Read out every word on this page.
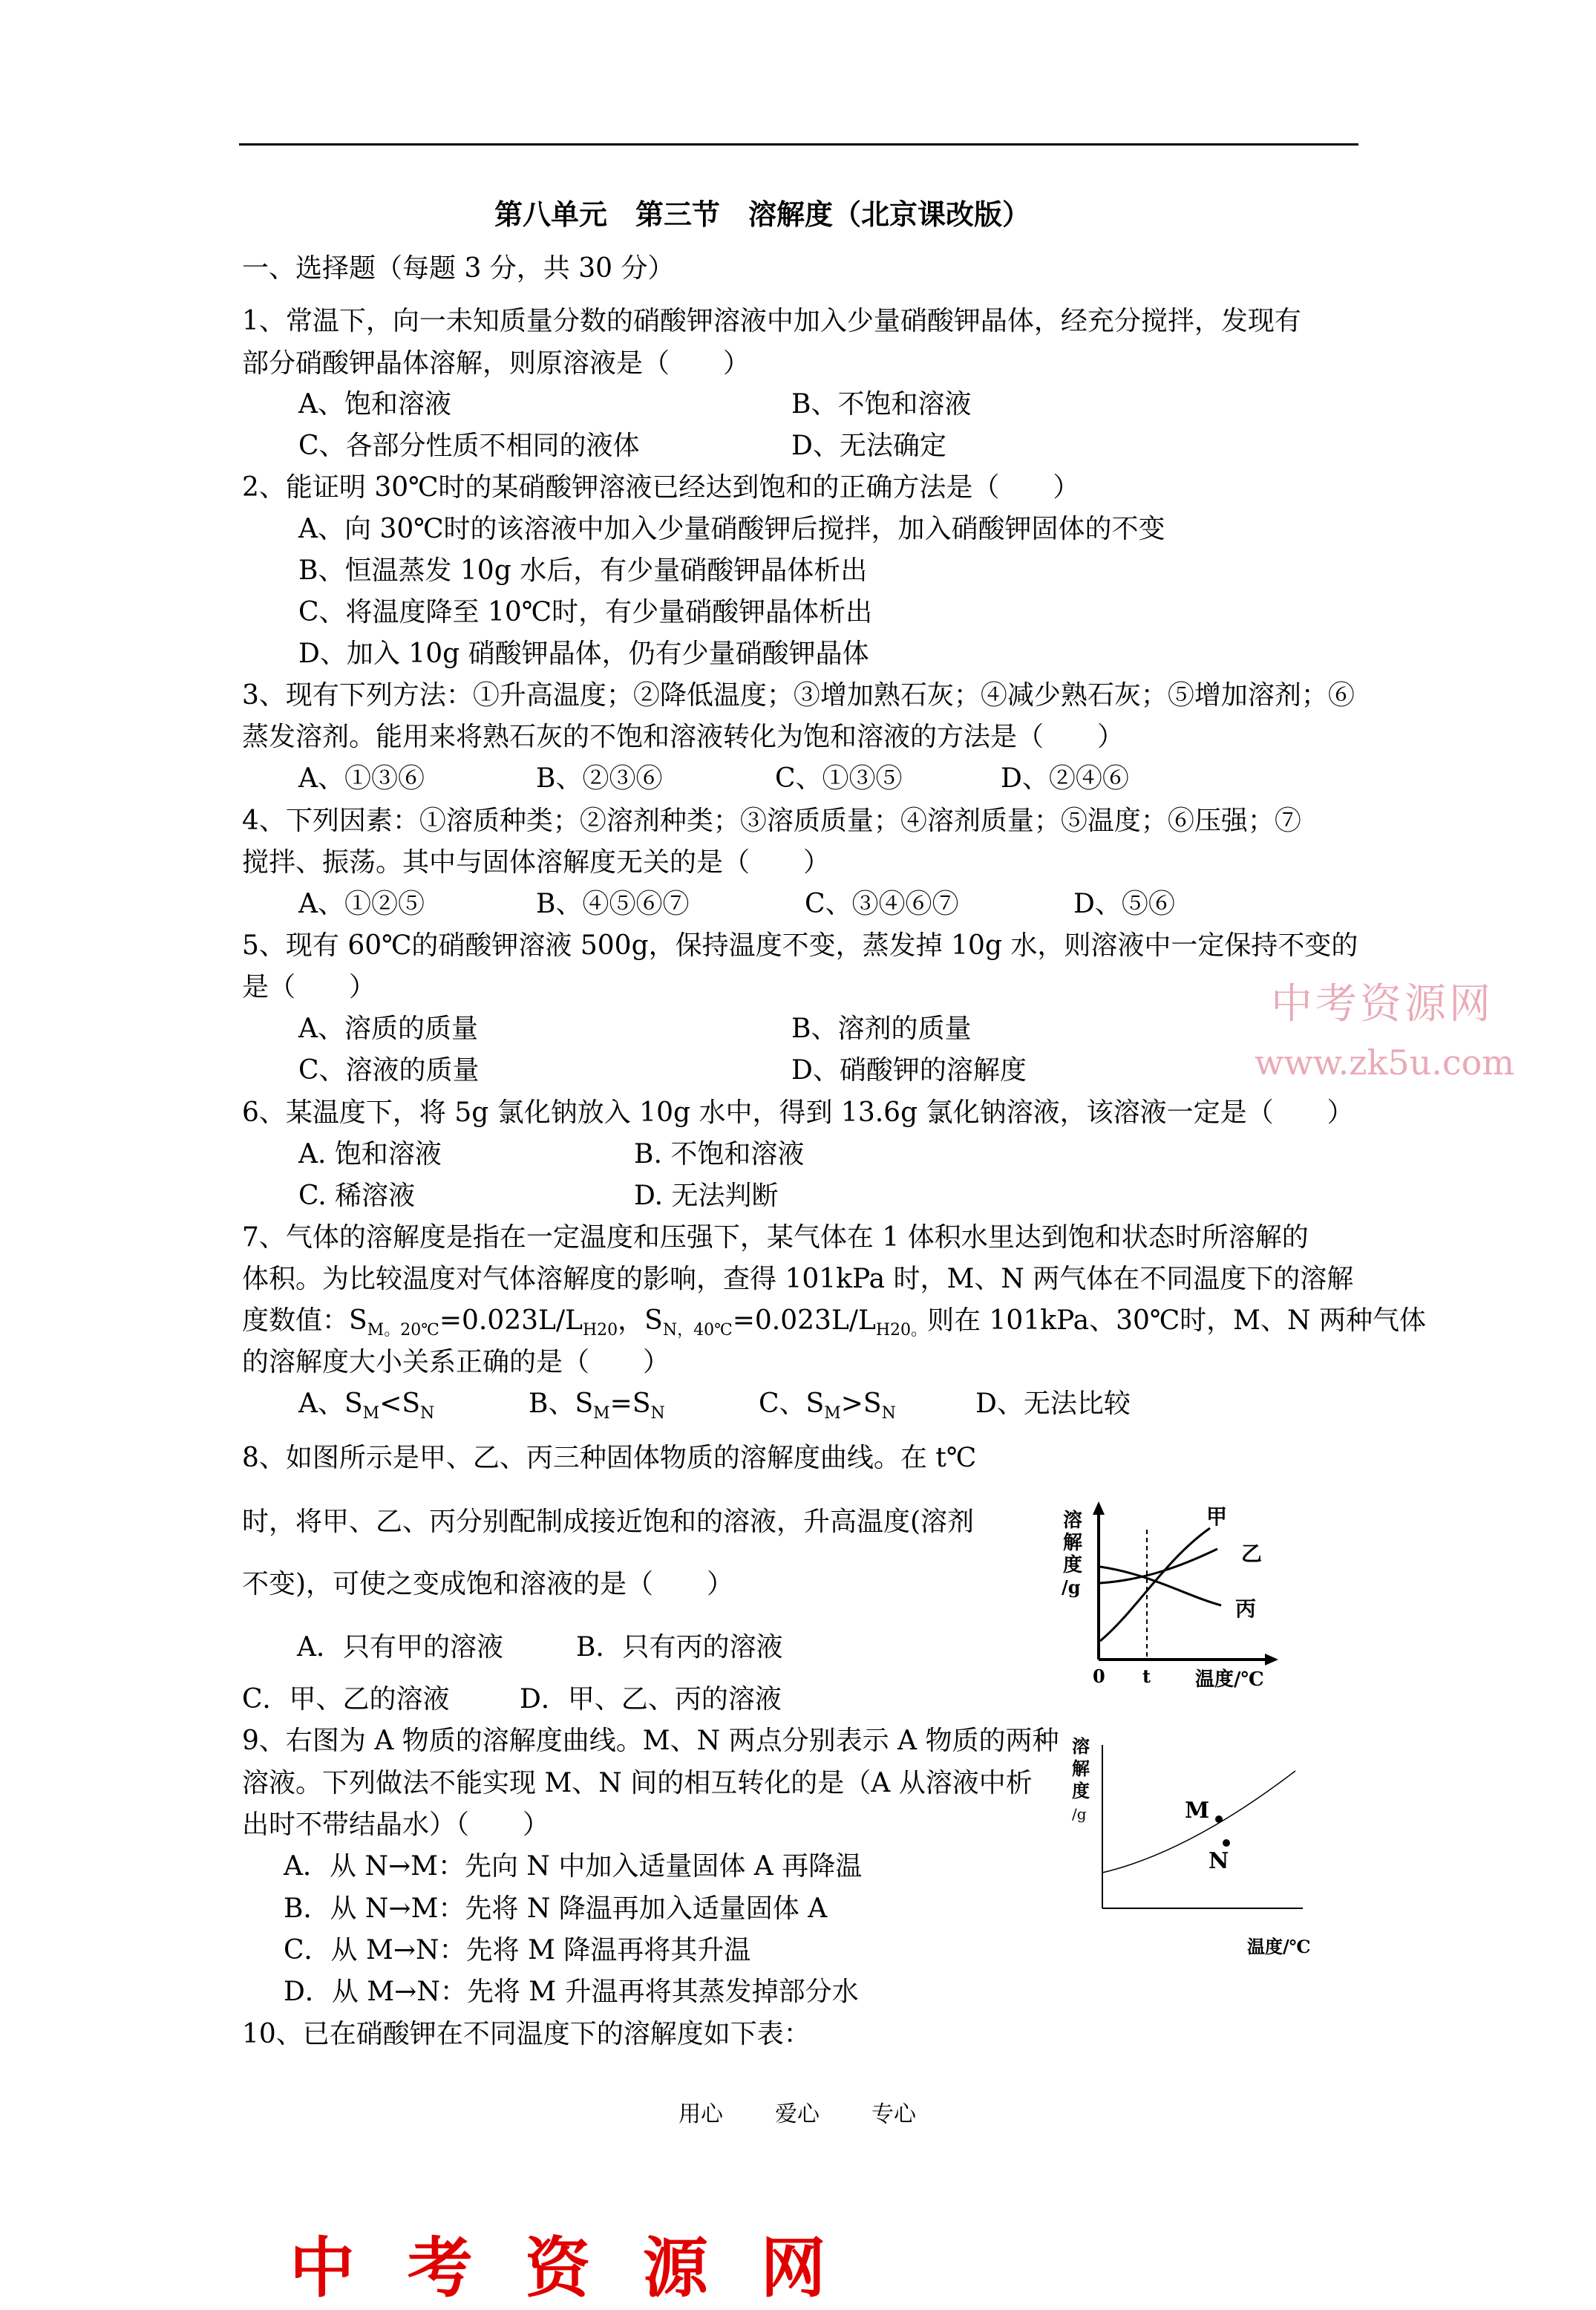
第八单元　第三节　溶解度（北京课改版）
一、选择题（每题 3 分，共 30 分）
1、常温下，向一未知质量分数的硝酸钾溶液中加入少量硝酸钾晶体，经充分搅拌，发现有
部分硝酸钾晶体溶解，则原溶液是（　　）
A、饱和溶液	B、不饱和溶液
C、各部分性质不相同的液体	D、无法确定
2、能证明 30℃时的某硝酸钾溶液已经达到饱和的正确方法是（　　）
A、向 30℃时的该溶液中加入少量硝酸钾后搅拌，加入硝酸钾固体的不变
B、恒温蒸发 10g 水后，有少量硝酸钾晶体析出
C、将温度降至 10℃时，有少量硝酸钾晶体析出
D、加入 10g 硝酸钾晶体，仍有少量硝酸钾晶体
3、现有下列方法：①升高温度；②降低温度；③增加熟石灰；④减少熟石灰；⑤增加溶剂；⑥
蒸发溶剂。能用来将熟石灰的不饱和溶液转化为饱和溶液的方法是（　　）
A、①③⑥	B、②③⑥	C、①③⑤	D、②④⑥
4、下列因素：①溶质种类；②溶剂种类；③溶质质量；④溶剂质量；⑤温度；⑥压强；⑦
搅拌、振荡。其中与固体溶解度无关的是（　　）
A、①②⑤	B、④⑤⑥⑦	C、③④⑥⑦	D、⑤⑥
5、现有 60℃的硝酸钾溶液 500g，保持温度不变，蒸发掉 10g 水，则溶液中一定保持不变的
是（　　）
A、溶质的质量	B、溶剂的质量
C、溶液的质量	D、硝酸钾的溶解度
中考资源网
www.zk5u.com
6、某温度下，将 5g 氯化钠放入 10g 水中，得到 13.6g 氯化钠溶液，该溶液一定是（　　）
A. 饱和溶液	B. 不饱和溶液
C. 稀溶液	D. 无法判断
7、气体的溶解度是指在一定温度和压强下，某气体在 1 体积水里达到饱和状态时所溶解的
体积。为比较温度对气体溶解度的影响，查得 101kPa 时，M、N 两气体在不同温度下的溶解
度数值：$S_{M。20℃}=0.023L/L_{H20}$，$S_{N,40℃}=0.023L/L_{H20。}$则在 101kPa、30℃时，M、N 两种气体
的溶解度大小关系正确的是（　　）
A、$S_M<S_N$	B、$S_M=S_N$	C、$S_M>S_N$	D、无法比较
8、如图所示是甲、乙、丙三种固体物质的溶解度曲线。在 t℃
时，将甲、乙、丙分别配制成接近饱和的溶液，升高温度(溶剂
不变)，可使之变成饱和溶液的是（　　）
A．只有甲的溶液	B．只有丙的溶液
C．甲、乙的溶液	D．甲、乙、丙的溶液
溶
解
度
/g
甲
乙
丙
0 t 温度/℃
9、右图为 A 物质的溶解度曲线。M、N 两点分别表示 A 物质的两种
溶液。下列做法不能实现 M、N 间的相互转化的是（A 从溶液中析
出时不带结晶水）（　　）
A．从 N→M：先向 N 中加入适量固体 A 再降温
B．从 N→M：先将 N 降温再加入适量固体 A
C．从 M→N：先将 M 降温再将其升温
D．从 M→N：先将 M 升温再将其蒸发掉部分水
溶
解
度
/g	M
N
温度/℃
10、已在硝酸钾在不同温度下的溶解度如下表：
用心 爱心 专心
中 考 资 源 网
